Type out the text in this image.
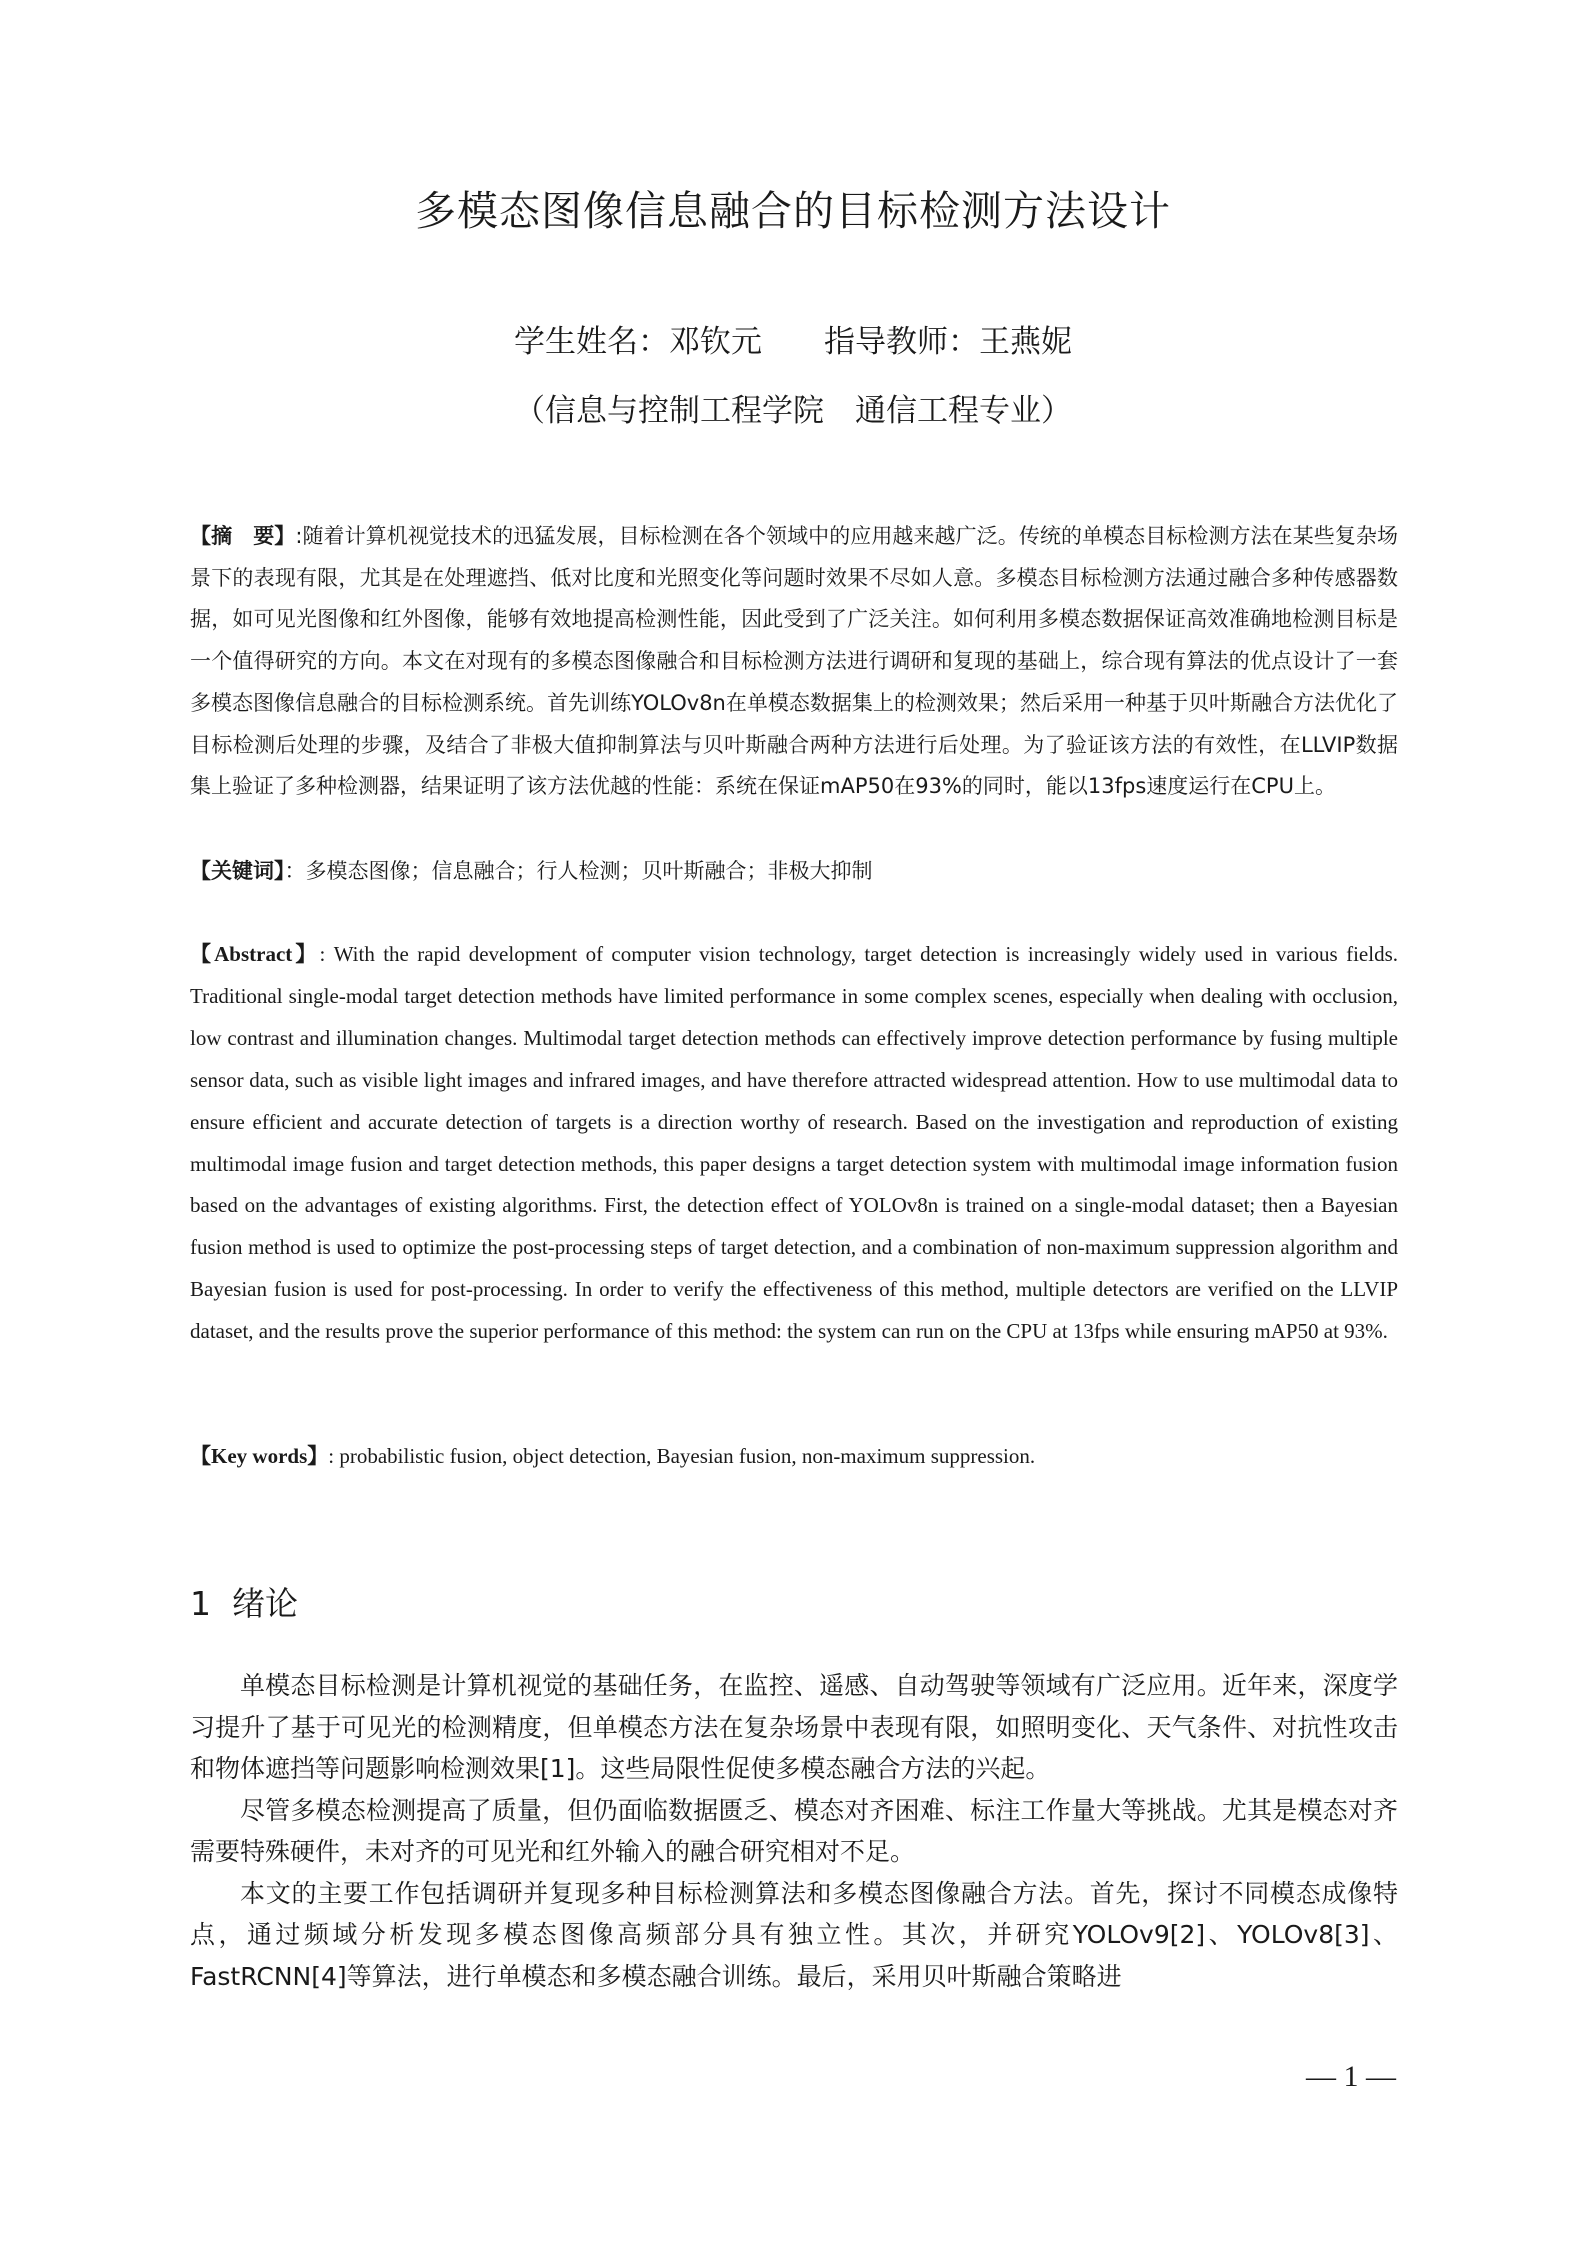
多模态图像信息融合的目标检测方法设计
学生姓名：邓钦元　　指导教师：王燕妮
（信息与控制工程学院　通信工程专业）

【摘　要】:随着计算机视觉技术的迅猛发展，目标检测在各个领域中的应用越来越广泛。传统的单模态目标检测方法在某些复杂场景下的表现有限，尤其是在处理遮挡、低对比度和光照变化等问题时效果不尽如人意。多模态目标检测方法通过融合多种传感器数据，如可见光图像和红外图像，能够有效地提高检测性能，因此受到了广泛关注。如何利用多模态数据保证高效准确地检测目标是一个值得研究的方向。本文在对现有的多模态图像融合和目标检测方法进行调研和复现的基础上，综合现有算法的优点设计了一套多模态图像信息融合的目标检测系统。首先训练YOLOv8n在单模态数据集上的检测效果；然后采用一种基于贝叶斯融合方法优化了目标检测后处理的步骤，及结合了非极大值抑制算法与贝叶斯融合两种方法进行后处理。为了验证该方法的有效性，在LLVIP数据集上验证了多种检测器，结果证明了该方法优越的性能：系统在保证mAP50在93%的同时，能以13fps速度运行在CPU上。

【关键词】：多模态图像；信息融合；行人检测；贝叶斯融合；非极大抑制

【Abstract】: With the rapid development of computer vision technology, target detection is increasingly widely used in various fields. Traditional single-modal target detection methods have limited performance in some complex scenes, especially when dealing with occlusion, low contrast and illumination changes. Multimodal target detection methods can effectively improve detection performance by fusing multiple sensor data, such as visible light images and infrared images, and have therefore attracted widespread attention. How to use multimodal data to ensure efficient and accurate detection of targets is a direction worthy of research. Based on the investigation and reproduction of existing multimodal image fusion and target detection methods, this paper designs a target detection system with multimodal image information fusion based on the advantages of existing algorithms. First, the detection effect of YOLOv8n is trained on a single-modal dataset; then a Bayesian fusion method is used to optimize the post-processing steps of target detection, and a combination of non-maximum suppression algorithm and Bayesian fusion is used for post-processing. In order to verify the effectiveness of this method, multiple detectors are verified on the LLVIP dataset, and the results prove the superior performance of this method: the system can run on the CPU at 13fps while ensuring mAP50 at 93%.

【Key words】: probabilistic fusion, object detection, Bayesian fusion, non-maximum suppression.

1  绪论

单模态目标检测是计算机视觉的基础任务，在监控、遥感、自动驾驶等领域有广泛应用。近年来，深度学习提升了基于可见光的检测精度，但单模态方法在复杂场景中表现有限，如照明变化、天气条件、对抗性攻击和物体遮挡等问题影响检测效果[1]。这些局限性促使多模态融合方法的兴起。

尽管多模态检测提高了质量，但仍面临数据匮乏、模态对齐困难、标注工作量大等挑战。尤其是模态对齐需要特殊硬件，未对齐的可见光和红外输入的融合研究相对不足。

本文的主要工作包括调研并复现多种目标检测算法和多模态图像融合方法。首先，探讨不同模态成像特点，通过频域分析发现多模态图像高频部分具有独立性。其次，并研究YOLOv9[2]、YOLOv8[3]、FastRCNN[4]等算法，进行单模态和多模态融合训练。最后，采用贝叶斯融合策略进

— 1 —
